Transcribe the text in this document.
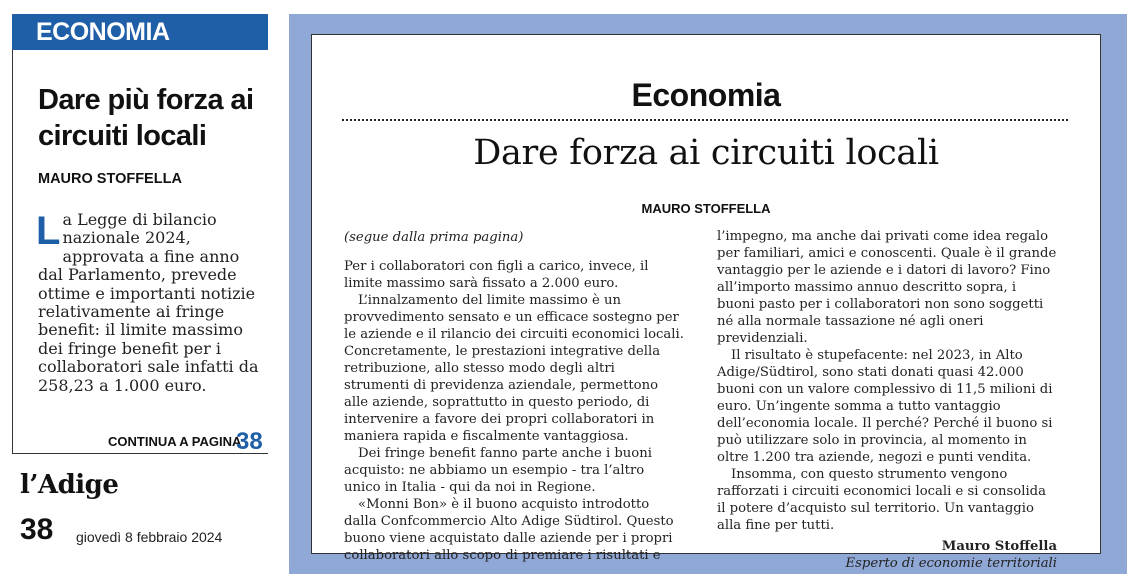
ECONOMIA
Dare più forza ai circuiti locali
MAURO STOFFELLA

La Legge di bilancio nazionale 2024, approvata a fine anno dal Parlamento, prevede ottime e importanti notizie relativamente ai fringe benefit: il limite massimo dei fringe benefit per i collaboratori sale infatti da 258,23 a 1.000 euro.

CONTINUA A PAGINA
38
l’Adige
38 giovedì 8 febbraio 2024
Economia
Dare forza ai circuiti locali
MAURO STOFFELLA

(segue dalla prima pagina)

Per i collaboratori con figli a carico, invece, il limite massimo sarà fissato a 2.000 euro.

L’innalzamento del limite massimo è un provvedimento sensato e un efficace sostegno per le aziende e il rilancio dei circuiti economici locali. Concretamente, le prestazioni integrative della retribuzione, allo stesso modo degli altri strumenti di previdenza aziendale, permettono alle aziende, soprattutto in questo periodo, di intervenire a favore dei propri collaboratori in maniera rapida e fiscalmente vantaggiosa.

Dei fringe benefit fanno parte anche i buoni acquisto: ne abbiamo un esempio - tra l’altro unico in Italia - qui da noi in Regione.

«Monni Bon» è il buono acquisto introdotto dalla Confcommercio Alto Adige Südtirol. Questo buono viene acquistato dalle aziende per i propri collaboratori allo scopo di premiare i risultati e

l’impegno, ma anche dai privati come idea regalo per familiari, amici e conoscenti. Quale è il grande vantaggio per le aziende e i datori di lavoro? Fino all’importo massimo annuo descritto sopra, i buoni pasto per i collaboratori non sono soggetti né alla normale tassazione né agli oneri previdenziali.

Il risultato è stupefacente: nel 2023, in Alto Adige/Südtirol, sono stati donati quasi 42.000 buoni con un valore complessivo di 11,5 milioni di euro. Un’ingente somma a tutto vantaggio dell’economia locale. Il perché? Perché il buono si può utilizzare solo in provincia, al momento in oltre 1.200 tra aziende, negozi e punti vendita.

Insomma, con questo strumento vengono rafforzati i circuiti economici locali e si consolida il potere d’acquisto sul territorio. Un vantaggio alla fine per tutti.

Mauro Stoffella

Esperto di economie territoriali
